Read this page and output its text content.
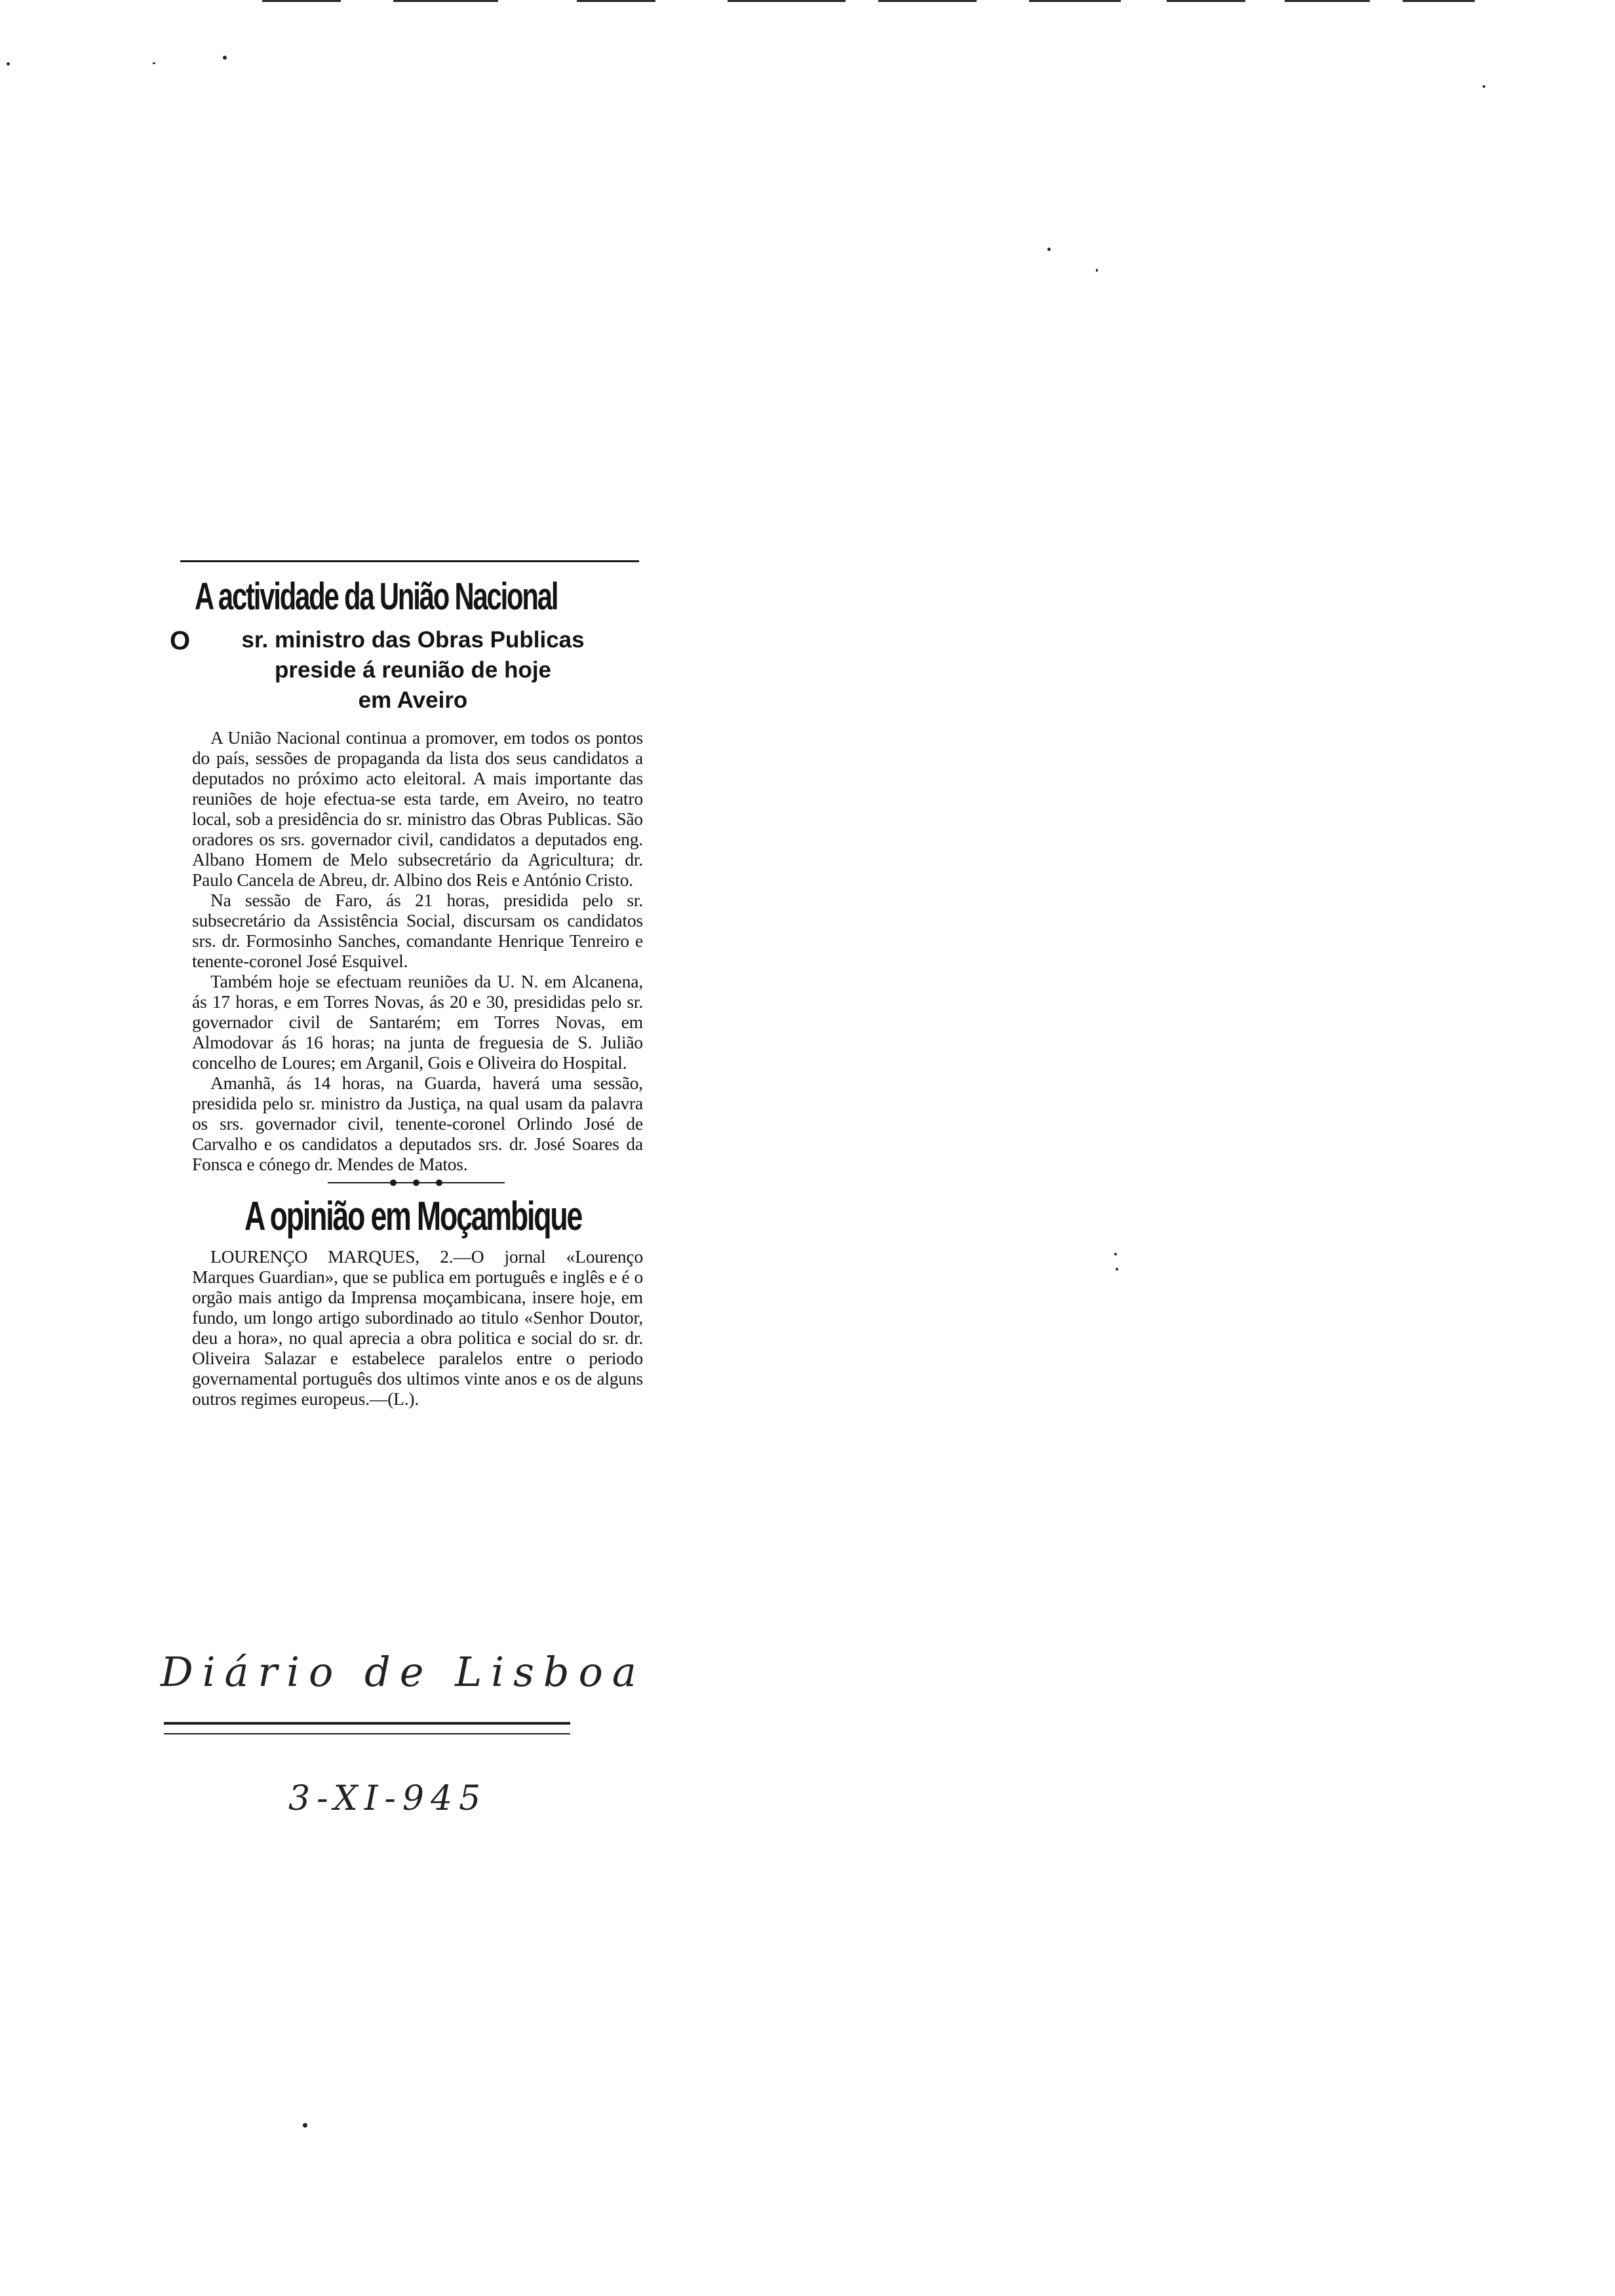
A actividade da União Nacional
O	sr. ministro das Obras Publicas
preside á reunião de hoje
em Aveiro

A União Nacional continua a promover, em todos os pontos do país, sessões de propaganda da lista dos seus candidatos a deputados no próximo acto eleitoral. A mais importante das reuniões de hoje efectua-se esta tarde, em Aveiro, no teatro local, sob a presidência do sr. ministro das Obras Publicas. São oradores os srs. governador civil, candidatos a deputados eng. Albano Homem de Melo subsecretário da Agricultura; dr. Paulo Cancela de Abreu, dr. Albino dos Reis e António Cristo.

Na sessão de Faro, ás 21 horas, presidida pelo sr. subsecretário da Assistência Social, discursam os candidatos srs. dr. Formosinho Sanches, comandante Henrique Tenreiro e tenente-coronel José Esquivel.

Também hoje se efectuam reuniões da U. N. em Alcanena, ás 17 horas, e em Torres Novas, ás 20 e 30, presididas pelo sr. governador civil de Santarém; em Torres Novas, em Almodovar ás 16 horas; na junta de freguesia de S. Julião concelho de Loures; em Arganil, Gois e Oliveira do Hospital.

Amanhã, ás 14 horas, na Guarda, haverá uma sessão, presidida pelo sr. ministro da Justiça, na qual usam da palavra os srs. governador civil, tenente-coronel Orlindo José de Carvalho e os candidatos a deputados srs. dr. José Soares da Fonsca e cónego dr. Mendes de Matos.

A opinião em Moçambique

LOURENÇO MARQUES, 2.—O jornal «Lourenço Marques Guardian», que se publica em português e inglês e é o orgão mais antigo da Imprensa moçambicana, insere hoje, em fundo, um longo artigo subordinado ao titulo «Senhor Doutor, deu a hora», no qual aprecia a obra politica e social do sr. dr. Oliveira Salazar e estabelece paralelos entre o periodo governamental português dos ultimos vinte anos e os de alguns outros regimes europeus.—(L.).

Diário de Lisboa
3-XI-945
